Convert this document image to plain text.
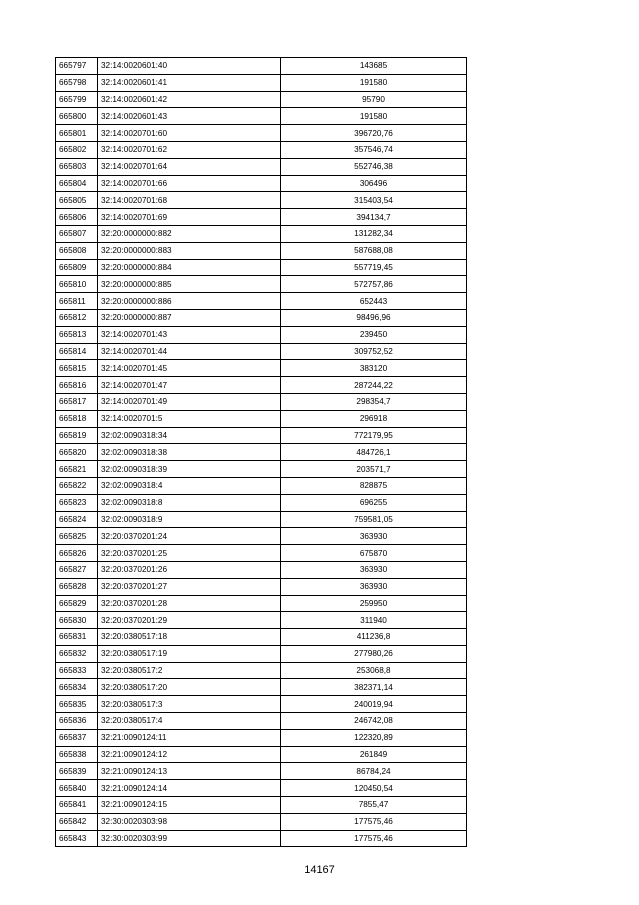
665797	32:14:0020601:40	143685
665798	32:14:0020601:41	191580
665799	32:14:0020601:42	95790
665800	32:14:0020601:43	191580
665801	32:14:0020701:60	396720,76
665802	32:14:0020701:62	357546,74
665803	32:14:0020701:64	552746,38
665804	32:14:0020701:66	306496
665805	32:14:0020701:68	315403,54
665806	32:14:0020701:69	394134,7
665807	32:20:0000000:882	131282,34
665808	32:20:0000000:883	587688,08
665809	32:20:0000000:884	557719,45
665810	32:20:0000000:885	572757,86
665811	32:20:0000000:886	652443
665812	32:20:0000000:887	98496,96
665813	32:14:0020701:43	239450
665814	32:14:0020701:44	309752,52
665815	32:14:0020701:45	383120
665816	32:14:0020701:47	287244,22
665817	32:14:0020701:49	298354,7
665818	32:14:0020701:5	296918
665819	32:02:0090318:34	772179,95
665820	32:02:0090318:38	484726,1
665821	32:02:0090318:39	203571,7
665822	32:02:0090318:4	828875
665823	32:02:0090318:8	696255
665824	32:02:0090318:9	759581,05
665825	32:20:0370201:24	363930
665826	32:20:0370201:25	675870
665827	32:20:0370201:26	363930
665828	32:20:0370201:27	363930
665829	32:20:0370201:28	259950
665830	32:20:0370201:29	311940
665831	32:20:0380517:18	411236,8
665832	32:20:0380517:19	277980,26
665833	32:20:0380517:2	253068,8
665834	32:20:0380517:20	382371,14
665835	32:20:0380517:3	240019,94
665836	32:20:0380517:4	246742,08
665837	32:21:0090124:11	122320,89
665838	32:21:0090124:12	261849
665839	32:21:0090124:13	86784,24
665840	32:21:0090124:14	120450,54
665841	32:21:0090124:15	7855,47
665842	32:30:0020303:98	177575,46
665843	32:30:0020303:99	177575,46
14167
